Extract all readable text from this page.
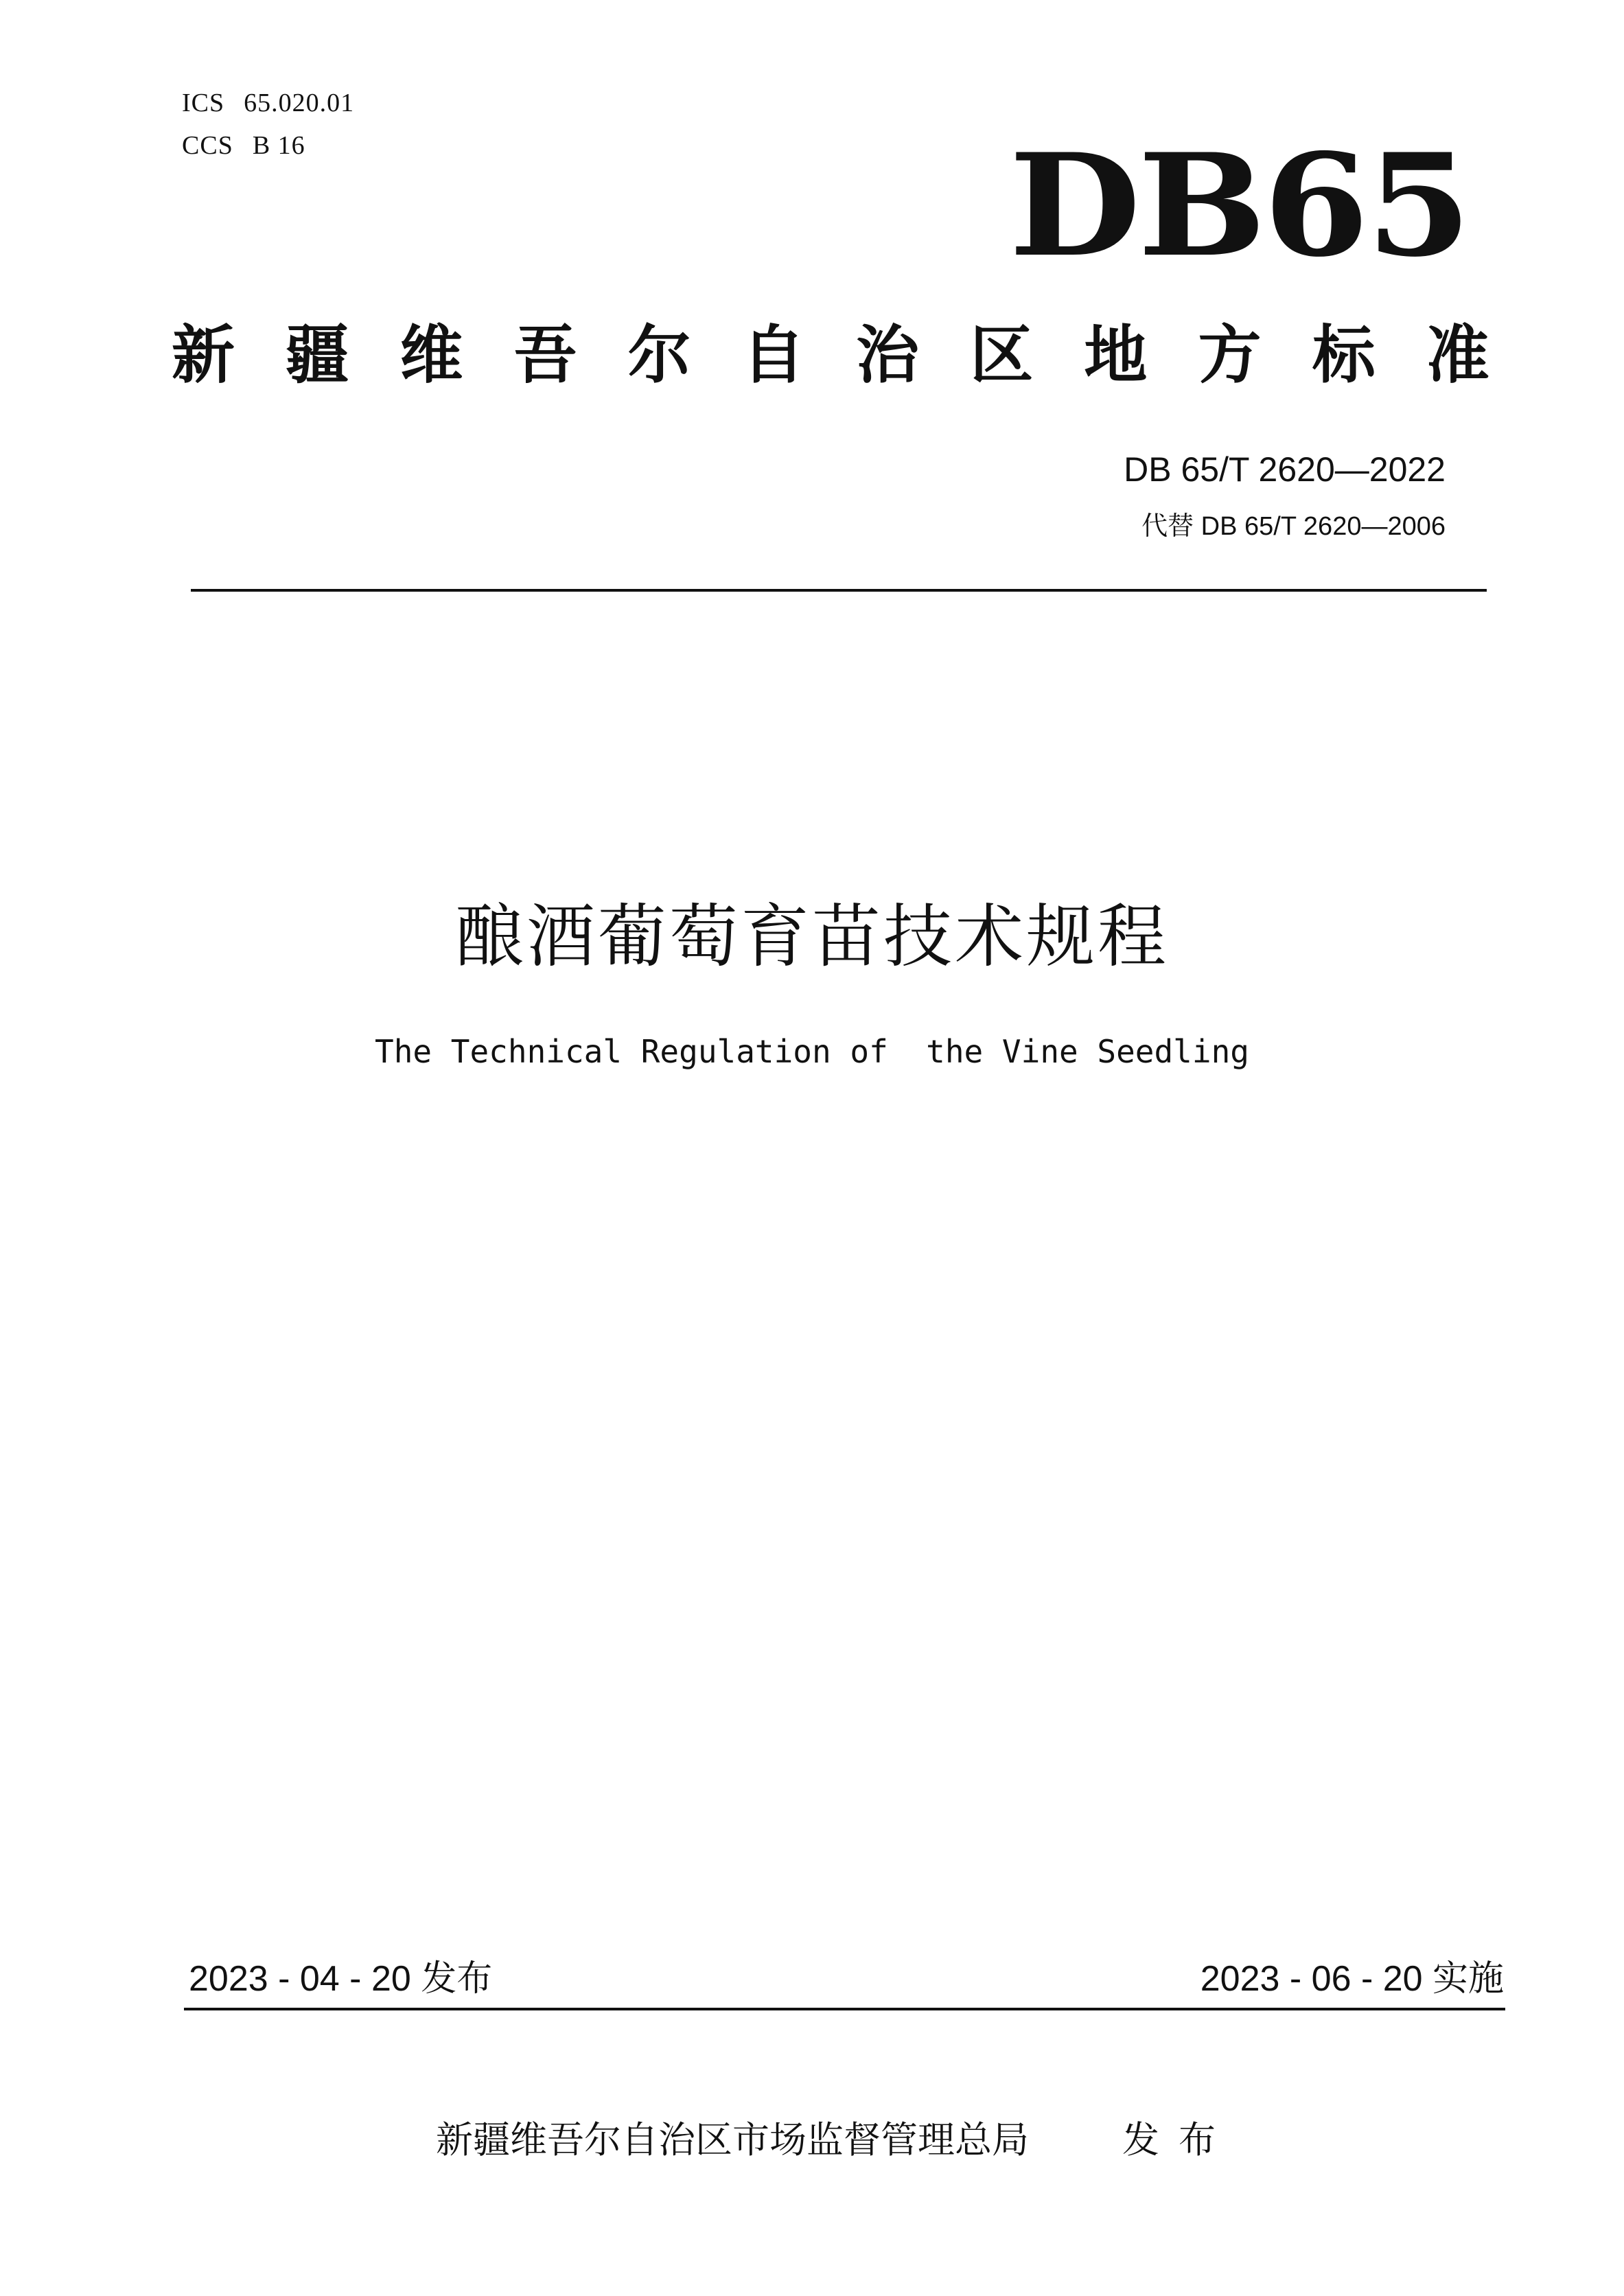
ICS 65.020.01
CCS B 16	DB65
新 疆 维 吾 尔 自 治 区 地 方 标 准
DB 65/T 2620—2022
代替 DB 65/T 2620—2006
酿酒葡萄育苗技术规程
The Technical Regulation of  the Vine Seedling
2023 - 04 - 20 发布	2023 - 06 - 20 实施
新疆维吾尔自治区市场监督管理总局	发布
